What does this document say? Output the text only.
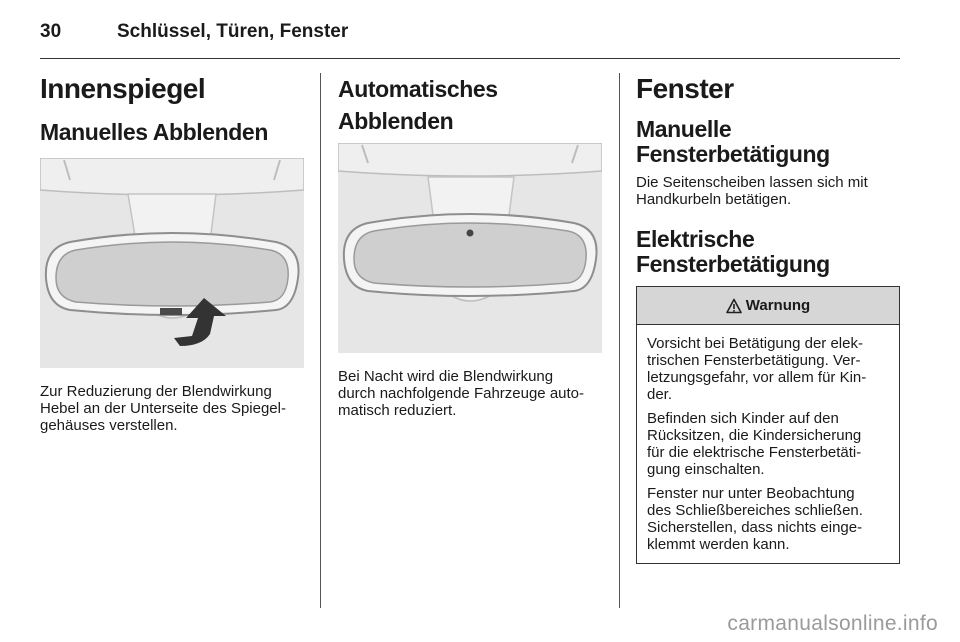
30	Schlüssel, Türen, Fenster
Innenspiegel
Manuelles Abblenden

Zur Reduzierung der Blendwirkung

Hebel an der Unterseite des Spiegel-

gehäuses verstellen.

Automatisches Abblenden

Bei Nacht wird die Blendwirkung

durch nachfolgende Fahrzeuge auto-

matisch reduziert.

Fenster
Manuelle
Fensterbetätigung

Die Seitenscheiben lassen sich mit

Handkurbeln betätigen.

Elektrische
Fensterbetätigung
Warnung

Vorsicht bei Betätigung der elek-
trischen Fensterbetätigung. Ver-
letzungsgefahr, vor allem für Kin-
der.

Befinden sich Kinder auf den
Rücksitzen, die Kindersicherung
für die elektrische Fensterbetäti-
gung einschalten.

Fenster nur unter Beobachtung
des Schließbereiches schließen.
Sicherstellen, dass nichts einge-
klemmt werden kann.

carmanualsonline.info
